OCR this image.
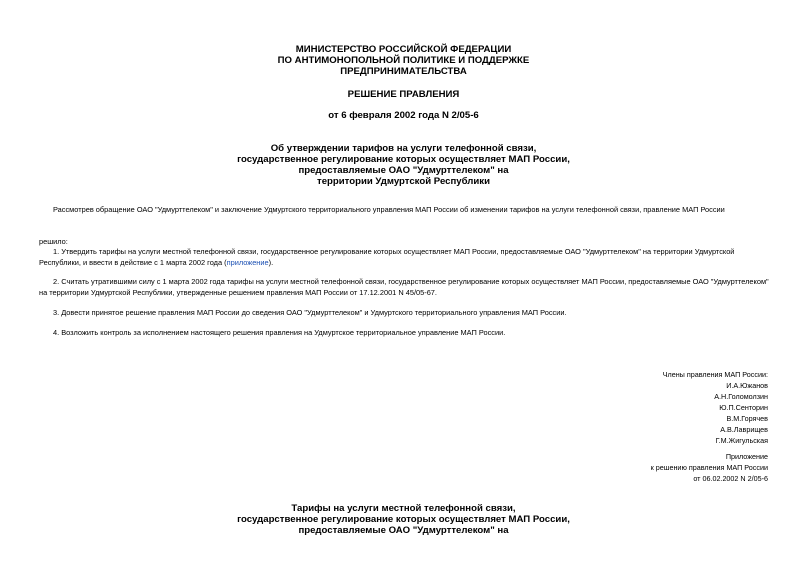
МИНИСТЕРСТВО РОССИЙСКОЙ ФЕДЕРАЦИИ
ПО АНТИМОНОПОЛЬНОЙ ПОЛИТИКЕ И ПОДДЕРЖКЕ
ПРЕДПРИНИМАТЕЛЬСТВА
РЕШЕНИЕ ПРАВЛЕНИЯ
от 6 февраля 2002 года N 2/05-6
Об утверждении тарифов на услуги телефонной связи,
государственное регулирование которых осуществляет МАП России,
предоставляемые ОАО "Удмурттелеком" на
территории Удмуртской Республики
Рассмотрев обращение ОАО "Удмурттелеком" и заключение Удмуртского территориального управления МАП России об изменении тарифов на услуги телефонной связи, правление МАП России
решило:
1. Утвердить тарифы на услуги местной телефонной связи, государственное регулирование которых осуществляет МАП России, предоставляемые ОАО "Удмурттелеком" на территории Удмуртской Республики, и ввести в действие с 1 марта 2002 года (приложение).
2. Считать утратившими силу с 1 марта 2002 года тарифы на услуги местной телефонной связи, государственное регулирование которых осуществляет МАП России, предоставляемые ОАО "Удмурттелеком" на территории Удмуртской Республики, утвержденные решением правления МАП России от 17.12.2001 N 45/05-67.
3. Довести принятое решение правления МАП России до сведения ОАО "Удмурттелеком" и Удмуртского территориального управления МАП России.
4. Возложить контроль за исполнением настоящего решения правления на Удмуртское территориальное управление МАП России.
Члены правления МАП России:
И.А.Южанов
А.Н.Голомолзин
Ю.П.Сенторин
В.М.Горячев
А.В.Лаврищев
Г.М.Жигульская
Приложение
к решению правления МАП России
от 06.02.2002 N 2/05-6
Тарифы на услуги местной телефонной связи,
государственное регулирование которых осуществляет МАП России,
предоставляемые ОАО "Удмурттелеком" на
